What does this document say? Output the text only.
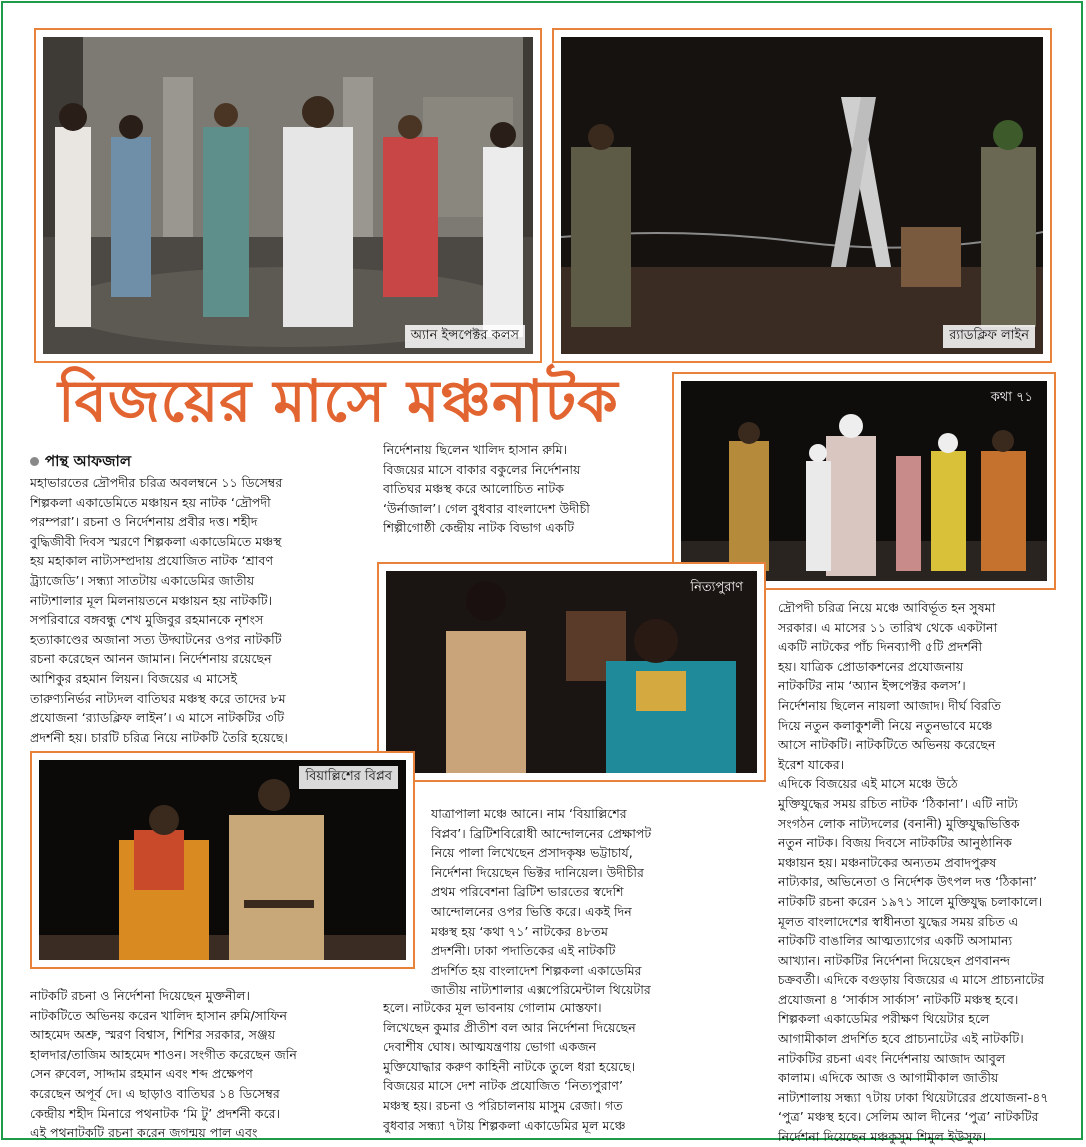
অ্যান ইন্সপেক্টর কলস	র‍্যাডক্লিফ লাইন
বিজয়ের মাসে মঞ্চনাটক	কথা ৭১
পান্থ আফজাল
মহাভারতের দ্রৌপদীর চরিত্র অবলম্বনে ১১ ডিসেম্বর
শিল্পকলা একাডেমিতে মঞ্চায়ন হয় নাটক ‘দ্রৌপদী
পরম্পরা’। রচনা ও নির্দেশনায় প্রবীর দত্ত। শহীদ
বুদ্ধিজীবী দিবস স্মরণে শিল্পকলা একাডেমিতে মঞ্চস্থ
হয় মহাকাল নাট্যসম্প্রদায় প্রযোজিত নাটক ‘শ্রাবণ
ট্র্যাজেডি’। সন্ধ্যা সাতটায় একাডেমির জাতীয়
নাট্যশালার মূল মিলনায়তনে মঞ্চায়ন হয় নাটকটি।
সপরিবারে বঙ্গবন্ধু শেখ মুজিবুর রহমানকে নৃশংস
হত্যাকাণ্ডের অজানা সত্য উদ্ঘাটনের ওপর নাটকটি
রচনা করেছেন আনন জামান। নির্দেশনায় রয়েছেন
আশিকুর রহমান লিয়ন। বিজয়ের এ মাসেই
তারুণ্যনির্ভর নাট্যদল বাতিঘর মঞ্চস্থ করে তাদের ৮ম
প্রযোজনা ‘র‍্যাডক্লিফ লাইন’। এ মাসে নাটকটির ৩টি
প্রদর্শনী হয়। চারটি চরিত্র নিয়ে নাটকটি তৈরি হয়েছে।
নির্দেশনায় ছিলেন খালিদ হাসান রুমি।
বিজয়ের মাসে বাকার বকুলের নির্দেশনায়
বাতিঘর মঞ্চস্থ করে আলোচিত নাটক
‘উর্নাজাল’। গেল বুধবার বাংলাদেশ উদীচী
শিল্পীগোষ্ঠী কেন্দ্রীয় নাটক বিভাগ একটি
নিত্যপুরাণ
দ্রৌপদী চরিত্র নিয়ে মঞ্চে আবির্ভূত হন সুষমা
সরকার। এ মাসের ১১ তারিখ থেকে একটানা
একটি নাটকের পাঁচ দিনব্যাপী ৫টি প্রদর্শনী
হয়। যাত্রিক প্রোডাকশনের প্রযোজনায়
নাটকটির নাম ‘অ্যান ইন্সপেক্টর কলস’।
নির্দেশনায় ছিলেন নায়লা আজাদ। দীর্ঘ বিরতি
দিয়ে নতুন কলাকুশলী নিয়ে নতুনভাবে মঞ্চে
আসে নাটকটি। নাটকটিতে অভিনয় করেছেন
ইরেশ যাকের।
এদিকে বিজয়ের এই মাসে মঞ্চে উঠে
মুক্তিযুদ্ধের সময় রচিত নাটক ‘ঠিকানা’। এটি নাট্য
সংগঠন লোক নাট্যদলের (বনানী) মুক্তিযুদ্ধভিত্তিক
নতুন নাটক। বিজয় দিবসে নাটকটির আনুষ্ঠানিক
মঞ্চায়ন হয়। মঞ্চনাটকের অন্যতম প্রবাদপুরুষ
নাট্যকার, অভিনেতা ও নির্দেশক উৎপল দত্ত ‘ঠিকানা’
নাটকটি রচনা করেন ১৯৭১ সালে মুক্তিযুদ্ধ চলাকালে।
মূলত বাংলাদেশের স্বাধীনতা যুদ্ধের সময় রচিত এ
নাটকটি বাঙালির আত্মত্যাগের একটি অসামান্য
আখ্যান। নাটকটির নির্দেশনা দিয়েছেন প্রণবানন্দ
চক্রবর্তী। এদিকে বগুড়ায় বিজয়ের এ মাসে প্রাচ্যনাটের
প্রযোজনা ৪ ‘সার্কাস সার্কাস’ নাটকটি মঞ্চস্থ হবে।
শিল্পকলা একাডেমির পরীক্ষণ থিয়েটার হলে
আগামীকাল প্রদর্শিত হবে প্রাচ্যনাটের এই নাটকটি।
নাটকটির রচনা এবং নির্দেশনায় আজাদ আবুল
কালাম। এদিকে আজ ও আগামীকাল জাতীয়
নাট্যশালায় সন্ধ্যা ৭টায় ঢাকা থিয়েটারের প্রযোজনা-৪৭
‘পুত্র’ মঞ্চস্থ হবে। সেলিম আল দীনের ‘পুত্র’ নাটকটির
নির্দেশনা দিয়েছেন মঞ্চকুসুম শিমুল ইউসুফ।
বিয়াল্লিশের বিপ্লব
যাত্রাপালা মঞ্চে আনে। নাম ‘বিয়াল্লিশের
বিপ্লব’। ব্রিটিশবিরোধী আন্দোলনের প্রেক্ষাপট
নিয়ে পালা লিখেছেন প্রসাদকৃষ্ণ ভট্টাচার্য,
নির্দেশনা দিয়েছেন ভিক্টর দানিয়েল। উদীচীর
প্রথম পরিবেশনা ব্রিটিশ ভারতের স্বদেশি
আন্দোলনের ওপর ভিত্তি করে। একই দিন
মঞ্চস্থ হয় ‘কথা ৭১’ নাটকের ৪৮তম
প্রদর্শনী। ঢাকা পদাতিকের এই নাটকটি
প্রদর্শিত হয় বাংলাদেশ শিল্পকলা একাডেমির
জাতীয় নাট্যশালার এক্সপেরিমেন্টাল থিয়েটার
হলে। নাটকের মূল ভাবনায় গোলাম মোস্তফা।
লিখেছেন কুমার প্রীতীশ বল আর নির্দেশনা দিয়েছেন
দেবাশীষ ঘোষ। আত্মযন্ত্রণায় ভোগা একজন
মুক্তিযোদ্ধার করুণ কাহিনী নাটকে তুলে ধরা হয়েছে।
বিজয়ের মাসে দেশ নাটক প্রযোজিত ‘নিত্যপুরাণ’
মঞ্চস্থ হয়। রচনা ও পরিচালনায় মাসুম রেজা। গত
বুধবার সন্ধ্যা ৭টায় শিল্পকলা একাডেমির মূল মঞ্চে
নাটকটি রচনা ও নির্দেশনা দিয়েছেন মুক্তনীল।
নাটকটিতে অভিনয় করেন খালিদ হাসান রুমি/সাফিন
আহমেদ অশ্রু, স্মরণ বিশ্বাস, শিশির সরকার, সঞ্জয়
হালদার/তাজিম আহমেদ শাওন। সংগীত করেছেন জনি
সেন রুবেল, সাদ্দাম রহমান এবং শব্দ প্রক্ষেপণ
করেছেন অপূর্ব দে। এ ছাড়াও বাতিঘর ১৪ ডিসেম্বর
কেন্দ্রীয় শহীদ মিনারে পথনাটক ‘মি টু’ প্রদর্শনী করে।
এই পথনাটকটি রচনা করেন জগন্ময় পাল এবং
